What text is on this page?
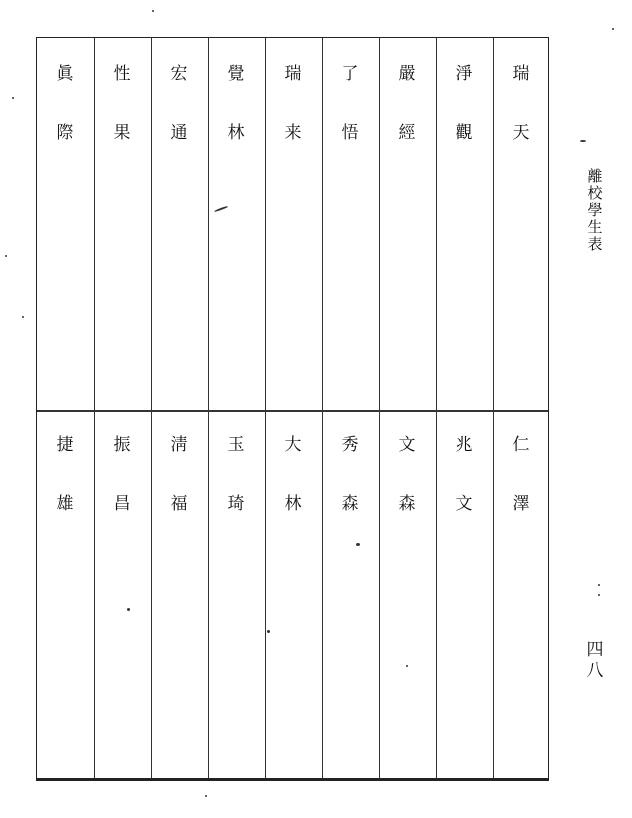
眞際
性果
宏通
覺林
瑞来
了悟
嚴經
淨觀
瑞天
捷雄
振昌
淸福
玉琦
大林
秀森
文森
兆文
仁澤
離校學生表
四八
